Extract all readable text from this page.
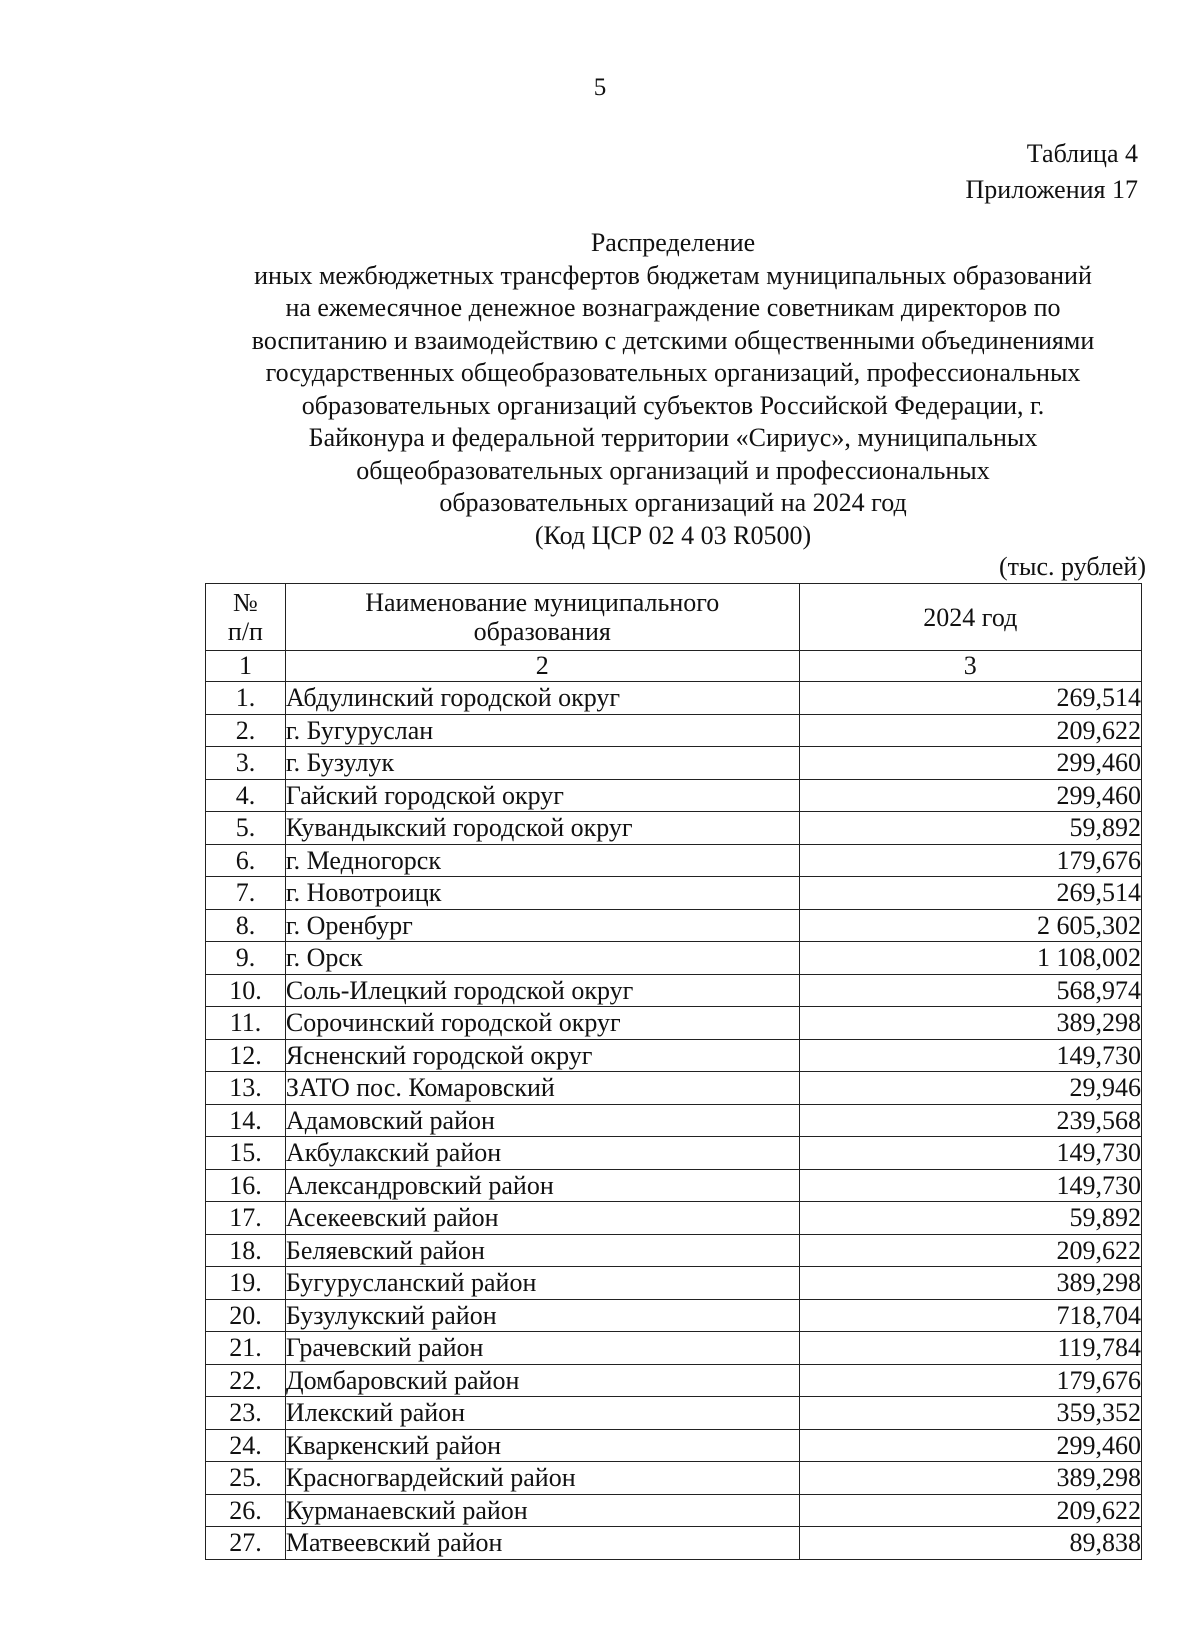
5
Таблица 4
Приложения 17
Распределение
иных межбюджетных трансфертов бюджетам муниципальных образований
на ежемесячное денежное вознаграждение советникам директоров по
воспитанию и взаимодействию с детскими общественными объединениями
государственных общеобразовательных организаций, профессиональных
образовательных организаций субъектов Российской Федерации, г.
Байконура и федеральной территории «Сириус», муниципальных
общеобразовательных организаций и профессиональных
образовательных организаций на 2024 год
(Код ЦСР 02 4 03 R0500)
(тыс. рублей)
№ п/п	Наименование муниципального образования	2024 год
1	2	3
1.	Абдулинский городской округ	269,514
2.	г. Бугуруслан	209,622
3.	г. Бузулук	299,460
4.	Гайский городской округ	299,460
5.	Кувандыкский городской округ	59,892
6.	г. Медногорск	179,676
7.	г. Новотроицк	269,514
8.	г. Оренбург	2 605,302
9.	г. Орск	1 108,002
10.	Соль-Илецкий городской округ	568,974
11.	Сорочинский городской округ	389,298
12.	Ясненский городской округ	149,730
13.	ЗАТО пос. Комаровский	29,946
14.	Адамовский район	239,568
15.	Акбулакский район	149,730
16.	Александровский район	149,730
17.	Асекеевский район	59,892
18.	Беляевский район	209,622
19.	Бугурусланский район	389,298
20.	Бузулукский район	718,704
21.	Грачевский район	119,784
22.	Домбаровский район	179,676
23.	Илекский район	359,352
24.	Кваркенский район	299,460
25.	Красногвардейский район	389,298
26.	Курманаевский район	209,622
27.	Матвеевский район	89,838
